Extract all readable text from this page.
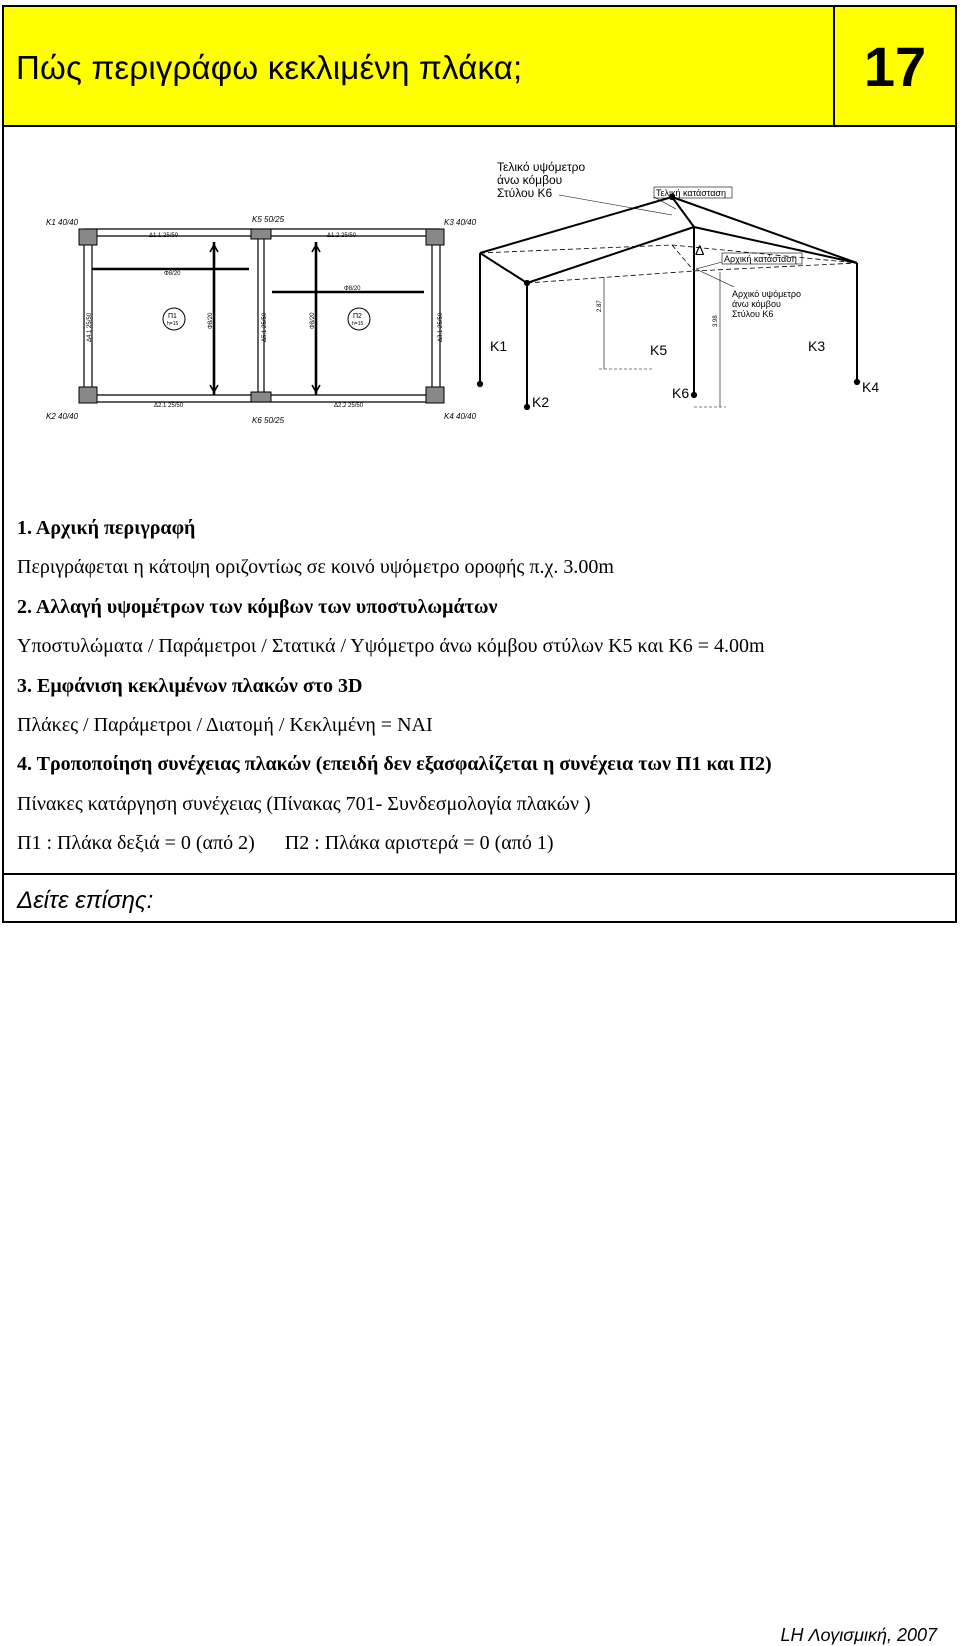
Πώς περιγράφω κεκλιμένη πλάκα;	17
K1 40/40	K5 50/25	K3 40/40
K2 40/40	K6 50/25	K4 40/40
Δ1.1 25/50	Δ1.2 25/50
Δ2.1 25/50	Δ2.2 25/50
Δ4.1 25/50	Δ5.1 25/50	Δ3.1 25/50
Φ8/20
Φ8/20
Φ8/20	Φ8/20
Π1
h=15
Π2
h=15
Τελικό υψόμετρο
άνω κόμβου
Στύλου Κ6	Τελική κατάσταση
Αρχική κατάσταση
Αρχικό υψόμετρο
άνω κόμβου
Στύλου Κ6
Δ
2.87
3.98
K1	K5	K3
K2
K6	K4
1. Αρχική περιγραφή
Περιγράφεται η κάτοψη οριζοντίως σε κοινό υψόμετρο οροφής π.χ. 3.00m
2. Αλλαγή υψομέτρων των κόμβων των υποστυλωμάτων
Υποστυλώματα / Παράμετροι / Στατικά / Υψόμετρο άνω κόμβου στύλων Κ5 και Κ6 = 4.00m
3. Εμφάνιση κεκλιμένων πλακών στο 3D
Πλάκες / Παράμετροι / Διατομή / Κεκλιμένη = ΝΑΙ
4. Τροποποίηση συνέχειας πλακών (επειδή δεν εξασφαλίζεται η συνέχεια των Π1 και Π2)
Πίνακες κατάργηση συνέχειας (Πίνακας 701- Συνδεσμολογία πλακών )
Π1 : Πλάκα δεξιά = 0 (από 2) Π2 : Πλάκα αριστερά = 0 (από 1)
Δείτε επίσης:
LH Λογισμική, 2007
